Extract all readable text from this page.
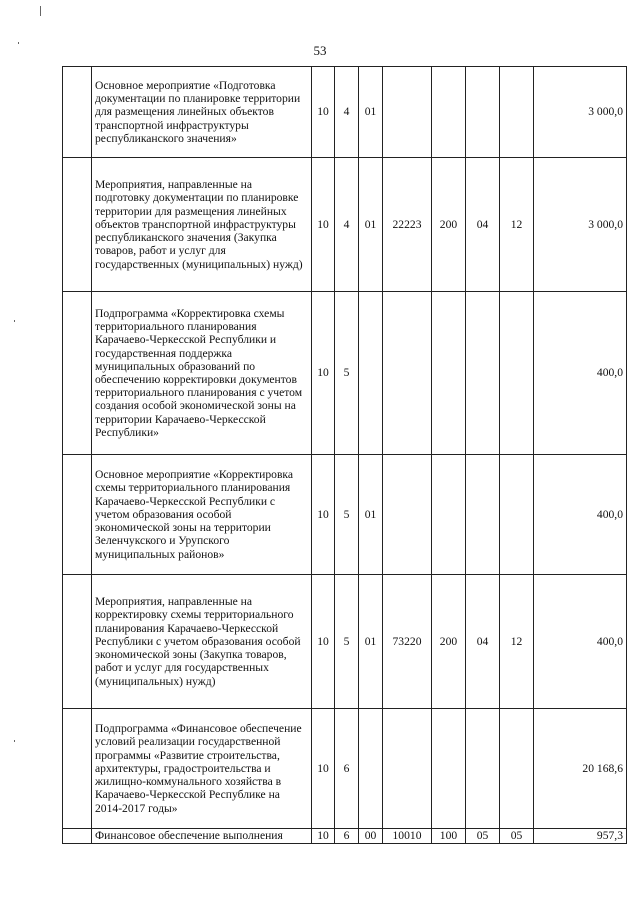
53
	Основное мероприятие «Подготовка документации по планировке территории для размещения линейных объектов транспортной инфраструктуры республиканского значения»	10	4	01					3 000,0
	Мероприятия, направленные на подготовку документации по планировке территории для размещения линейных объектов транспортной инфраструктуры республиканского значения (Закупка товаров, работ и услуг для государственных (муниципальных) нужд)	10	4	01	22223	200	04	12	3 000,0
	Подпрограмма «Корректировка схемы территориального планирования Карачаево-Черкесской Республики и государственная поддержка муниципальных образований по обеспечению корректировки документов территориального планирования с учетом создания особой экономической зоны на территории Карачаево-Черкесской Республики»	10	5						400,0
	Основное мероприятие «Корректировка схемы территориального планирования Карачаево-Черкесской Республики с учетом образования особой экономической зоны на территории Зеленчукского и Урупского муниципальных районов»	10	5	01					400,0
	Мероприятия, направленные на корректировку схемы территориального планирования Карачаево-Черкесской Республики с учетом образования особой экономической зоны (Закупка товаров, работ и услуг для государственных (муниципальных) нужд)	10	5	01	73220	200	04	12	400,0
	Подпрограмма «Финансовое обеспечение условий реализации государственной программы «Развитие строительства, архитектуры, градостроительства и жилищно-коммунального хозяйства в Карачаево-Черкесской Республике на 2014-2017 годы»	10	6						20 168,6
	Финансовое обеспечение выполнения	10	6	00	10010	100	05	05	957,3
